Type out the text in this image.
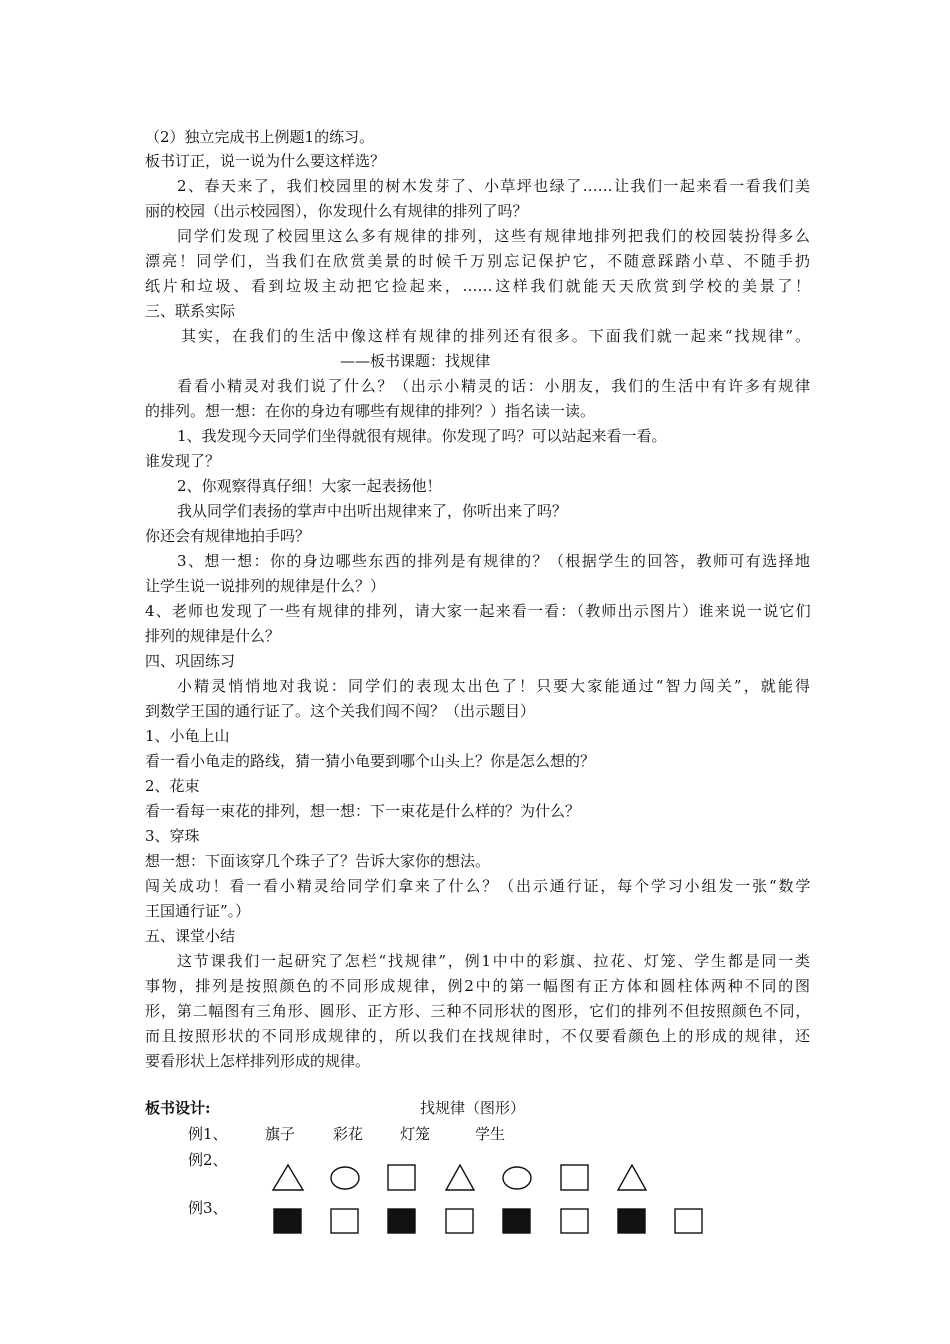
（2）独立完成书上例题1的练习。
板书订正，说一说为什么要这样选？
2、春天来了，我们校园里的树木发芽了、小草坪也绿了……让我们一起来看一看我们美
丽的校园（出示校园图），你发现什么有规律的排列了吗？
同学们发现了校园里这么多有规律的排列，这些有规律地排列把我们的校园装扮得多么
漂亮！同学们，当我们在欣赏美景的时候千万别忘记保护它，不随意踩踏小草、不随手扔
纸片和垃圾、看到垃圾主动把它捡起来，……这样我们就能天天欣赏到学校的美景了！
三、联系实际
其实，在我们的生活中像这样有规律的排列还有很多。下面我们就一起来“找规律”。
——板书课题：找规律
看看小精灵对我们说了什么？（出示小精灵的话：小朋友，我们的生活中有许多有规律
的排列。想一想：在你的身边有哪些有规律的排列？）指名读一读。
1、我发现今天同学们坐得就很有规律。你发现了吗？可以站起来看一看。
谁发现了？
2、你观察得真仔细！大家一起表扬他！
我从同学们表扬的掌声中出听出规律来了，你听出来了吗？
你还会有规律地拍手吗？
3、想一想：你的身边哪些东西的排列是有规律的？（根据学生的回答，教师可有选择地
让学生说一说排列的规律是什么？）
4、老师也发现了一些有规律的排列，请大家一起来看一看：（教师出示图片）谁来说一说它们
排列的规律是什么？
四、巩固练习
小精灵悄悄地对我说：同学们的表现太出色了！只要大家能通过“智力闯关”，就能得
到数学王国的通行证了。这个关我们闯不闯？（出示题目）
1、小龟上山
看一看小龟走的路线，猜一猜小龟要到哪个山头上？你是怎么想的？
2、花束
看一看每一束花的排列，想一想：下一束花是什么样的？为什么？
3、穿珠
想一想：下面该穿几个珠子了？告诉大家你的想法。
闯关成功！看一看小精灵给同学们拿来了什么？（出示通行证，每个学习小组发一张“数学
王国通行证”。）
五、课堂小结
这节课我们一起研究了怎栏“找规律”，例1中中的彩旗、拉花、灯笼、学生都是同一类
事物，排列是按照颜色的不同形成规律，例2中的第一幅图有正方体和圆柱体两种不同的图
形，第二幅图有三角形、圆形、正方形、三种不同形状的图形，它们的排列不但按照颜色不同，
而且按照形状的不同形成规律的，所以我们在找规律时，不仅要看颜色上的形成的规律，还
要看形状上怎样排列形成的规律。
板书设计:	找规律（图形）
例1、 旗子	彩花 灯笼	学生
例2、
例3、
